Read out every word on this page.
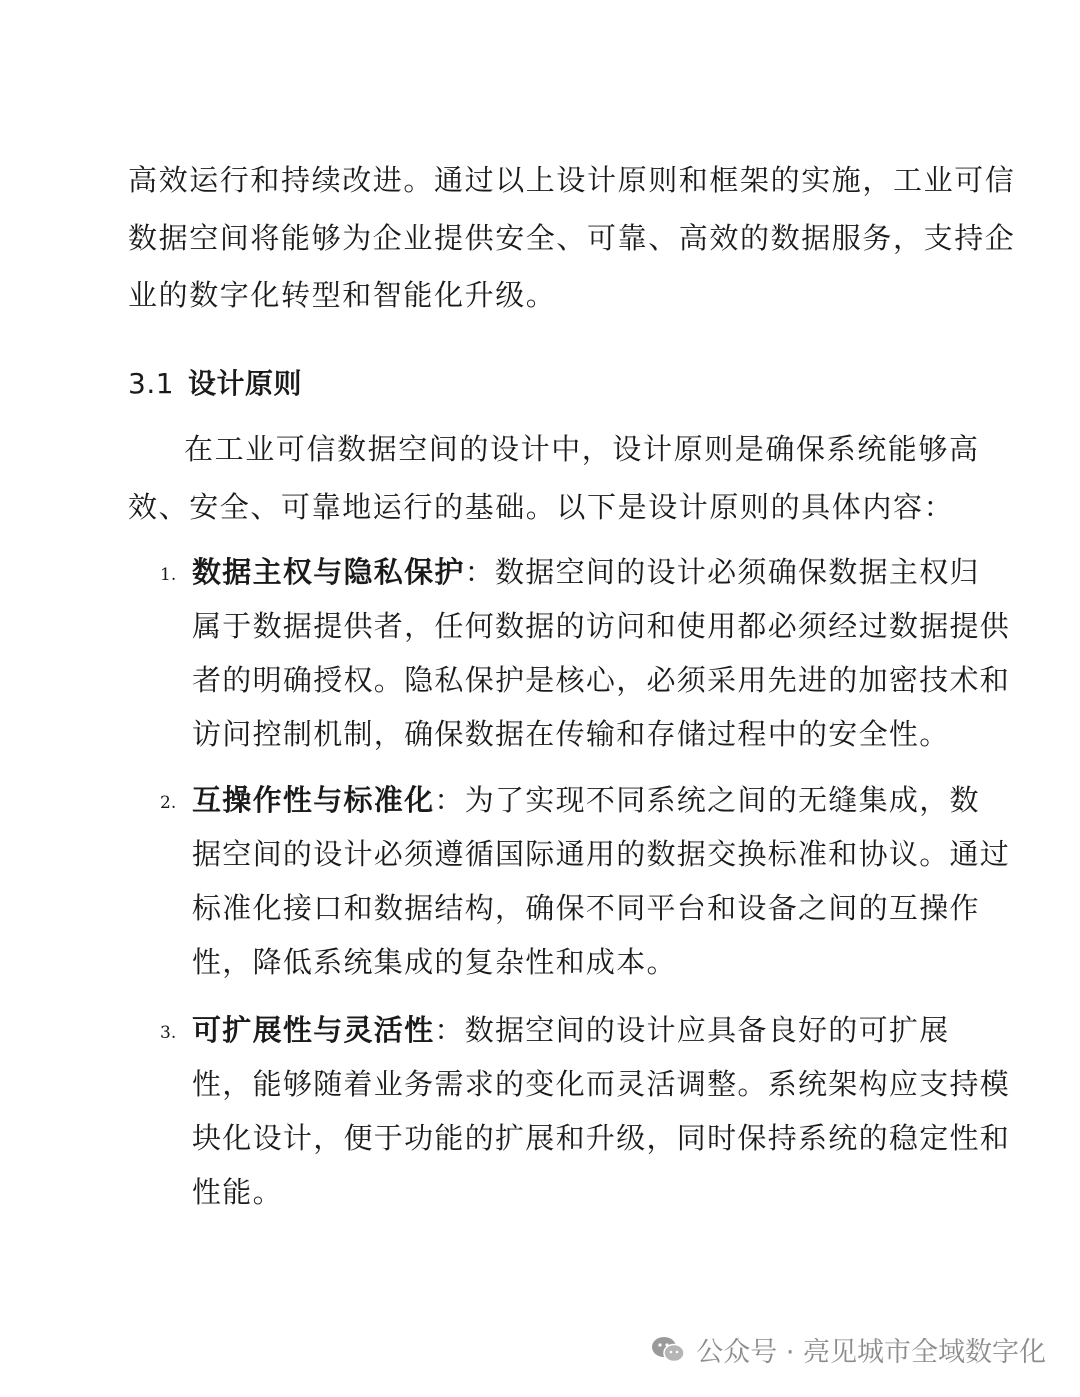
高效运行和持续改进。通过以上设计原则和框架的实施，工业可信
数据空间将能够为企业提供安全、可靠、高效的数据服务，支持企
业的数字化转型和智能化升级。
3.1 设计原则
在工业可信数据空间的设计中，设计原则是确保系统能够高
效、安全、可靠地运行的基础。以下是设计原则的具体内容：
1. 数据主权与隐私保护：数据空间的设计必须确保数据主权归
属于数据提供者，任何数据的访问和使用都必须经过数据提供
者的明确授权。隐私保护是核心，必须采用先进的加密技术和
访问控制机制，确保数据在传输和存储过程中的安全性。
2. 互操作性与标准化：为了实现不同系统之间的无缝集成，数
据空间的设计必须遵循国际通用的数据交换标准和协议。通过
标准化接口和数据结构，确保不同平台和设备之间的互操作
性，降低系统集成的复杂性和成本。
3. 可扩展性与灵活性：数据空间的设计应具备良好的可扩展
性，能够随着业务需求的变化而灵活调整。系统架构应支持模
块化设计，便于功能的扩展和升级，同时保持系统的稳定性和
性能。
公众号 · 亮见城市全域数字化
